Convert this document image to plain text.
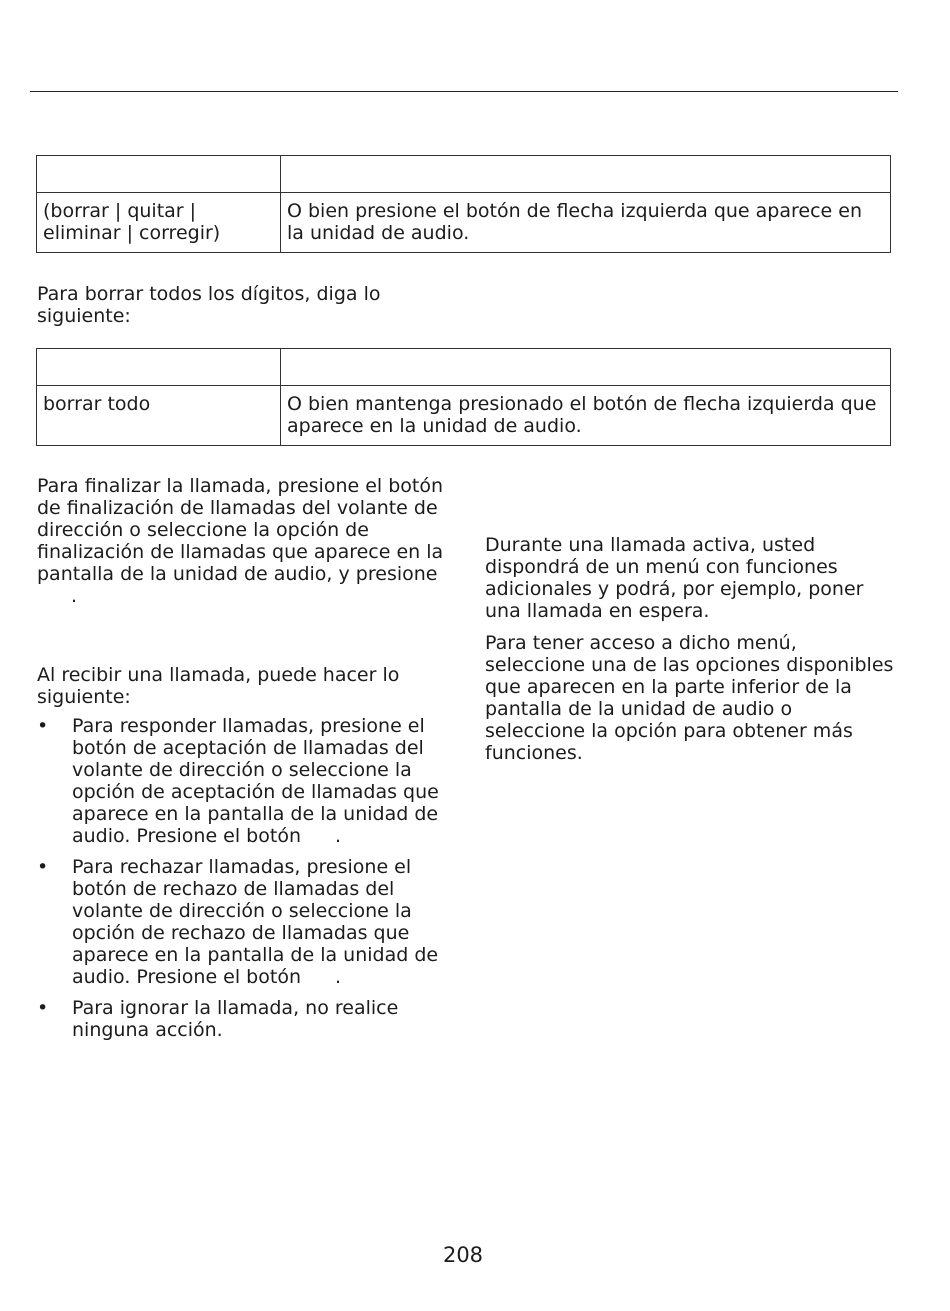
(borrar | quitar | eliminar | corregir)	O bien presione el botón de flecha izquierda que aparece en la unidad de audio.

Para borrar todos los dígitos, diga lo siguiente:

borrar todo	O bien mantenga presionado el botón de flecha izquierda que aparece en la unidad de audio.

Para finalizar la llamada, presione el botón de finalización de llamadas del volante de dirección o seleccione la opción de finalización de llamadas que aparece en la pantalla de la unidad de audio, y presione.

Al recibir una llamada, puede hacer lo siguiente:

• Para responder llamadas, presione el botón de aceptación de llamadas del volante de dirección o seleccione la opción de aceptación de llamadas que aparece en la pantalla de la unidad de audio. Presione el botón .
• Para rechazar llamadas, presione el botón de rechazo de llamadas del volante de dirección o seleccione la opción de rechazo de llamadas que aparece en la pantalla de la unidad de audio. Presione el botón .
• Para ignorar la llamada, no realice ninguna acción.

Durante una llamada activa, usted dispondrá de un menú con funciones adicionales y podrá, por ejemplo, poner una llamada en espera.

Para tener acceso a dicho menú, seleccione una de las opciones disponibles que aparecen en la parte inferior de la pantalla de la unidad de audio o seleccione la opción para obtener más funciones.

208
